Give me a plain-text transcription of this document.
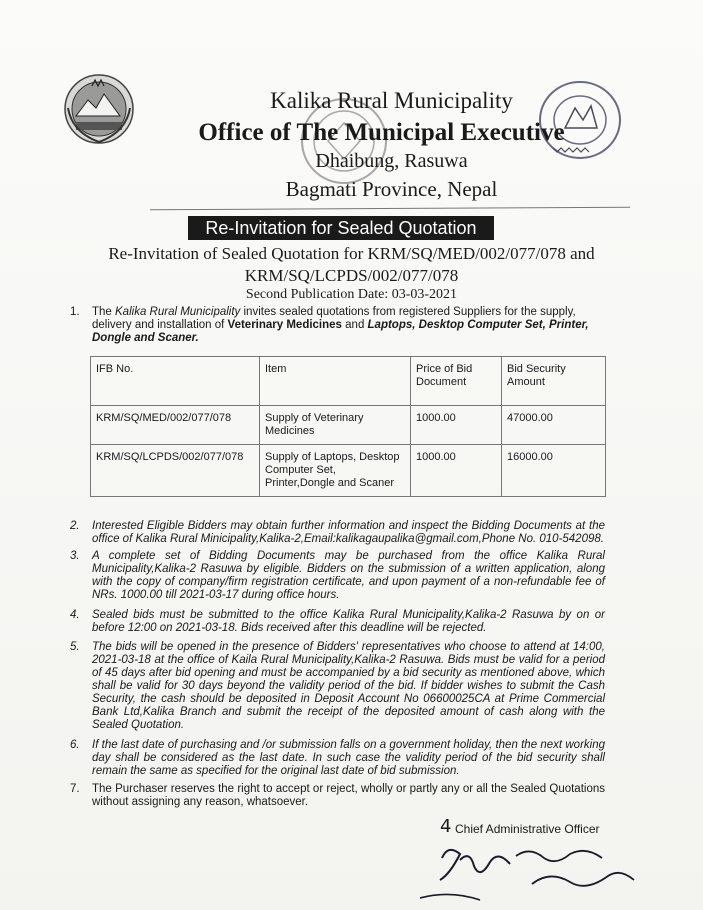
Kalika Rural Municipality
Office of The Municipal Executive
Dhaibung, Rasuwa
Bagmati Province, Nepal
Re-Invitation for Sealed Quotation
Re-Invitation of Sealed Quotation for KRM/SQ/MED/002/077/078 and
KRM/SQ/LCPDS/002/077/078
Second Publication Date: 03-03-2021
1. The Kalika Rural Municipality invites sealed quotations from registered Suppliers for the supply, delivery and installation of Veterinary Medicines and Laptops, Desktop Computer Set, Printer, Dongle and Scaner.
IFB No.	Item	Price of Bid Document	Bid Security Amount
KRM/SQ/MED/002/077/078	Supply of Veterinary Medicines	1000.00	47000.00
KRM/SQ/LCPDS/002/077/078	Supply of Laptops, Desktop Computer Set, Printer,Dongle and Scaner	1000.00	16000.00
2. Interested Eligible Bidders may obtain further information and inspect the Bidding Documents at the office of Kalika Rural Minicipality,Kalika-2,Email:kalikagaupalika@gmail.com,Phone No. 010-542098.
3. A complete set of Bidding Documents may be purchased from the office Kalika Rural Municipality,Kalika-2 Rasuwa by eligible. Bidders on the submission of a written application, along with the copy of company/firm registration certificate, and upon payment of a non-refundable fee of NRs. 1000.00 till 2021-03-17 during office hours.
4. Sealed bids must be submitted to the office Kalika Rural Municipality,Kalika-2 Rasuwa by on or before 12:00 on 2021-03-18. Bids received after this deadline will be rejected.
5. The bids will be opened in the presence of Bidders' representatives who choose to attend at 14:00, 2021-03-18 at the office of Kaila Rural Municipality,Kalika-2 Rasuwa. Bids must be valid for a period of 45 days after bid opening and must be accompanied by a bid security as mentioned above, which shall be valid for 30 days beyond the validity period of the bid. If bidder wishes to submit the Cash Security, the cash should be deposited in Deposit Account No 06600025CA at Prime Commercial Bank Ltd,Kalika Branch and submit the receipt of the deposited amount of cash along with the Sealed Quotation.
6. If the last date of purchasing and /or submission falls on a government holiday, then the next working day shall be considered as the last date. In such case the validity period of the bid security shall remain the same as specified for the original last date of bid submission.
7. The Purchaser reserves the right to accept or reject, wholly or partly any or all the Sealed Quotations without assigning any reason, whatsoever.
4 Chief Administrative Officer
